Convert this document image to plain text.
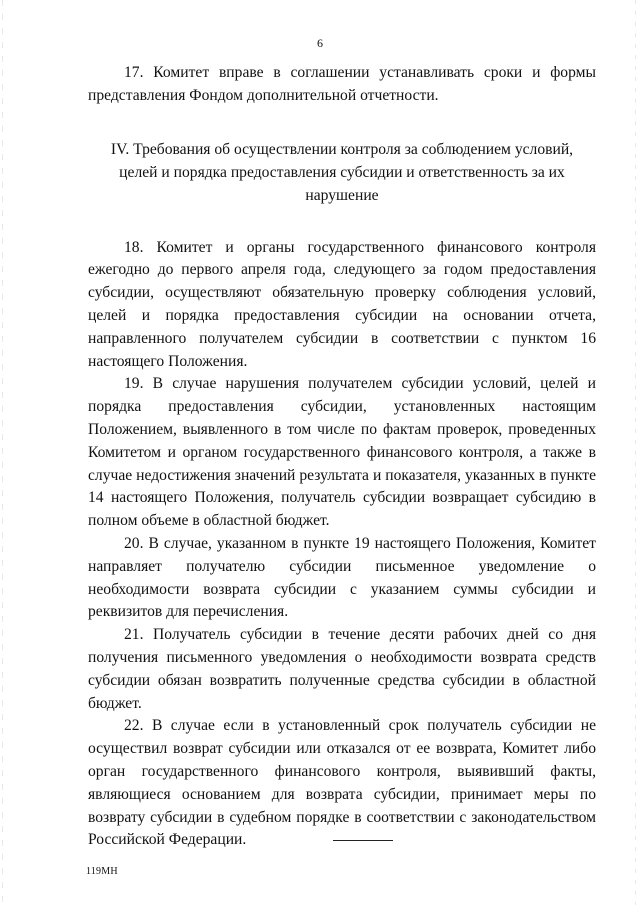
6

17. Комитет вправе в соглашении устанавливать сроки и формы представления Фондом дополнительной отчетности.

IV. Требования об осуществлении контроля за соблюдением условий,
целей и порядка предоставления субсидии и ответственность за их
нарушение

18. Комитет и органы государственного финансового контроля ежегодно до первого апреля года, следующего за годом предоставления субсидии, осуществляют обязательную проверку соблюдения условий, целей и порядка предоставления субсидии на основании отчета, направленного получателем субсидии в соответствии с пунктом 16 настоящего Положения.

19. В случае нарушения получателем субсидии условий, целей и порядка предоставления субсидии, установленных настоящим Положением, выявленного в том числе по фактам проверок, проведенных Комитетом и органом государственного финансового контроля, а также в случае недостижения значений результата и показателя, указанных в пункте 14 настоящего Положения, получатель субсидии возвращает субсидию в полном объеме в областной бюджет.

20. В случае, указанном в пункте 19 настоящего Положения, Комитет направляет получателю субсидии письменное уведомление о необходимости возврата субсидии с указанием суммы субсидии и реквизитов для перечисления.

21. Получатель субсидии в течение десяти рабочих дней со дня получения письменного уведомления о необходимости возврата средств субсидии обязан возвратить полученные средства субсидии в областной бюджет.

22. В случае если в установленный срок получатель субсидии не осуществил возврат субсидии или отказался от ее возврата, Комитет либо орган государственного финансового контроля, выявивший факты, являющиеся основанием для возврата субсидии, принимает меры по возврату субсидии в судебном порядке в соответствии с законодательством Российской Федерации.

119МН
